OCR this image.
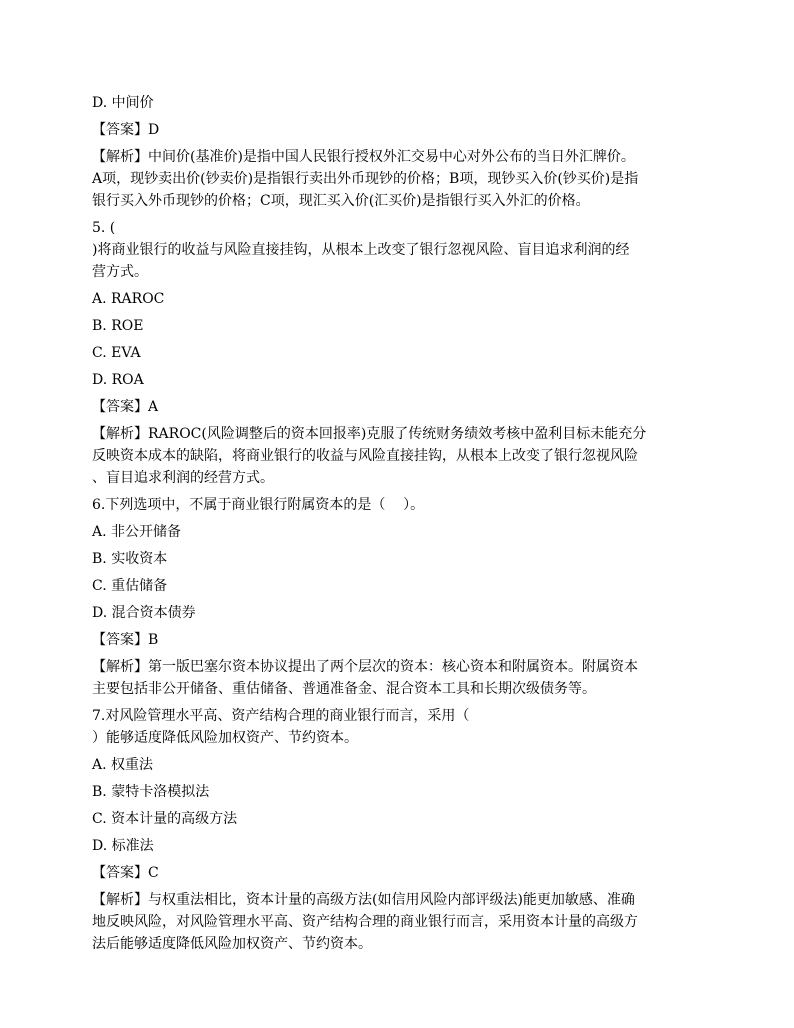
D. 中间价
【答案】D
【解析】中间价(基准价)是指中国人民银行授权外汇交易中心对外公布的当日外汇牌价。
A项，现钞卖出价(钞卖价)是指银行卖出外币现钞的价格；B项，现钞买入价(钞买价)是指
银行买入外币现钞的价格；C项，现汇买入价(汇买价)是指银行买入外汇的价格。
5. (
)将商业银行的收益与风险直接挂钩，从根本上改变了银行忽视风险、盲目追求利润的经
营方式。
A. RAROC
B. ROE
C. EVA
D. ROA
【答案】A
【解析】RAROC(风险调整后的资本回报率)克服了传统财务绩效考核中盈利目标未能充分
反映资本成本的缺陷，将商业银行的收益与风险直接挂钩，从根本上改变了银行忽视风险
、盲目追求利润的经营方式。
6.下列选项中，不属于商业银行附属资本的是（    ）。
A. 非公开储备
B. 实收资本
C. 重估储备
D. 混合资本债券
【答案】B
【解析】第一版巴塞尔资本协议提出了两个层次的资本：核心资本和附属资本。附属资本
主要包括非公开储备、重估储备、普通准备金、混合资本工具和长期次级债务等。
7.对风险管理水平高、资产结构合理的商业银行而言，采用（
）能够适度降低风险加权资产、节约资本。
A. 权重法
B. 蒙特卡洛模拟法
C. 资本计量的高级方法
D. 标准法
【答案】C
【解析】与权重法相比，资本计量的高级方法(如信用风险内部评级法)能更加敏感、准确
地反映风险，对风险管理水平高、资产结构合理的商业银行而言，采用资本计量的高级方
法后能够适度降低风险加权资产、节约资本。
